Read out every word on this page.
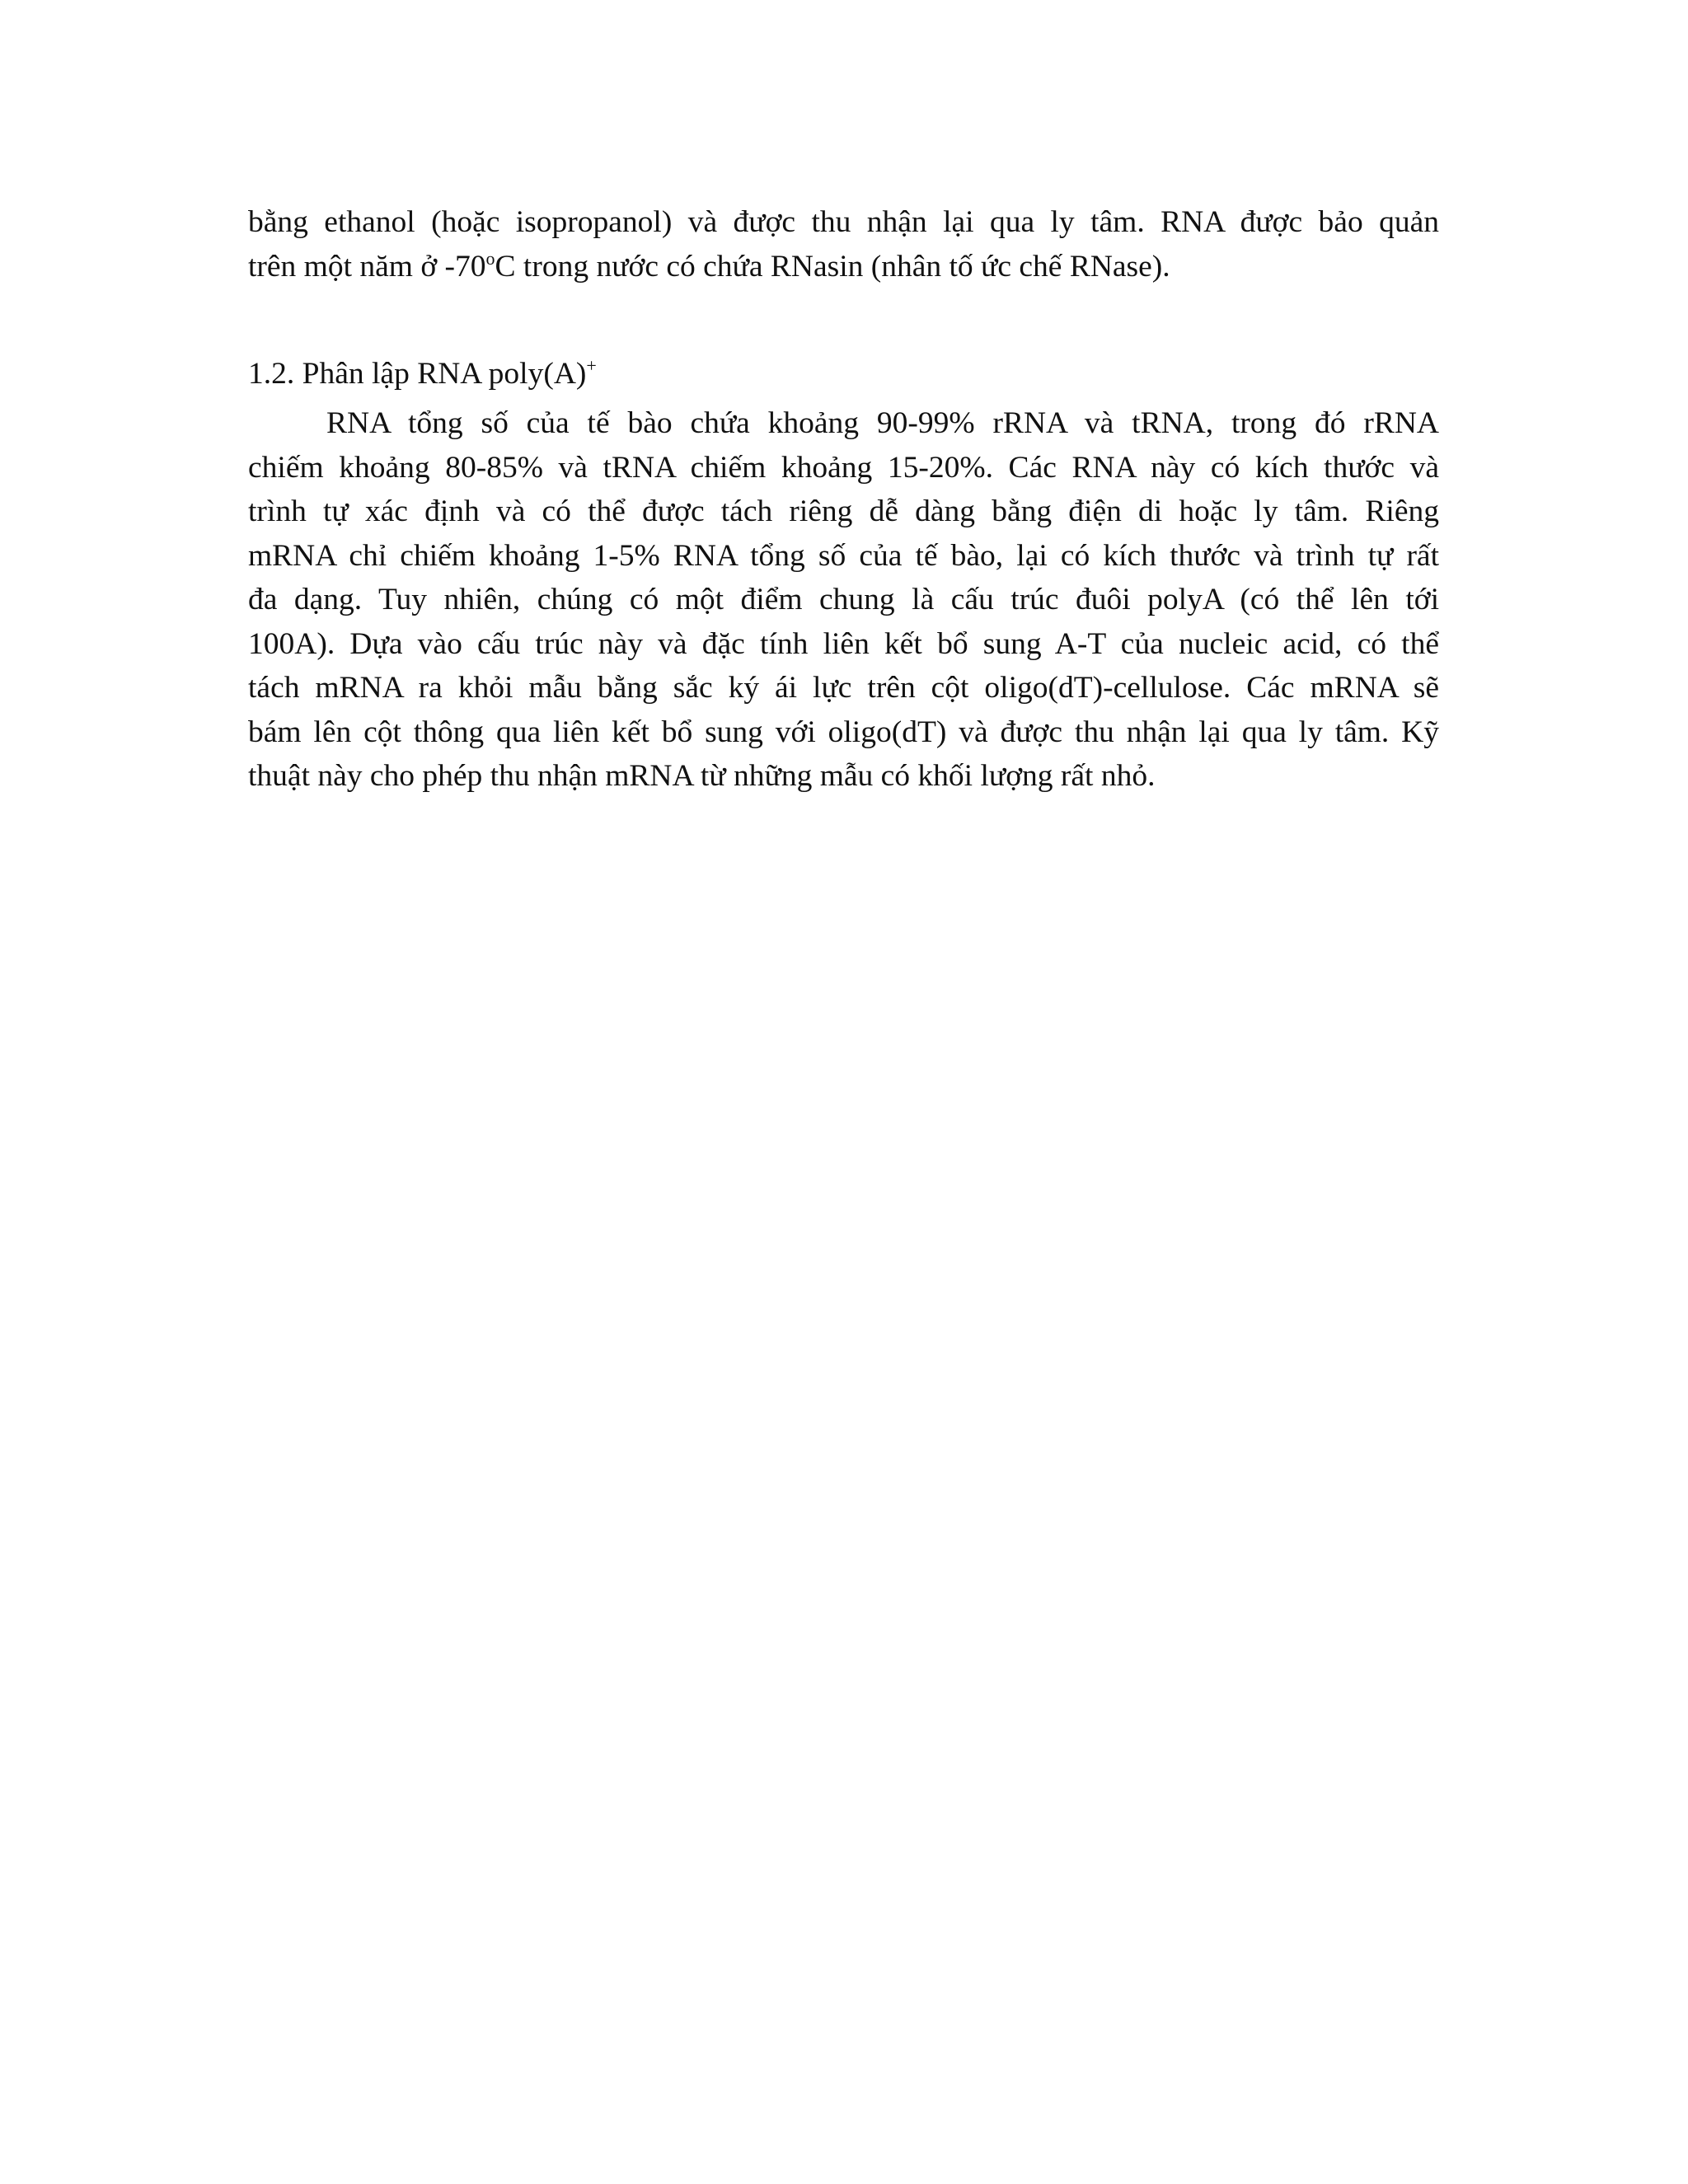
bằng ethanol (hoặc isopropanol) và được thu nhận lại qua ly tâm. RNA được bảo quản
trên một năm ở -70$^o$C trong nước có chứa RNasin (nhân tố ức chế RNase).
1.2. Phân lập RNA poly(A)+
RNA tổng số của tế bào chứa khoảng 90-99% rRNA và tRNA, trong đó rRNA
chiếm khoảng 80-85% và tRNA chiếm khoảng 15-20%. Các RNA này có kích thước và
trình tự xác định và có thể được tách riêng dễ dàng bằng điện di hoặc ly tâm. Riêng
mRNA chỉ chiếm khoảng 1-5% RNA tổng số của tế bào, lại có kích thước và trình tự rất
đa dạng. Tuy nhiên, chúng có một điểm chung là cấu trúc đuôi polyA (có thể lên tới
100A). Dựa vào cấu trúc này và đặc tính liên kết bổ sung A-T của nucleic acid, có thể
tách mRNA ra khỏi mẫu bằng sắc ký ái lực trên cột oligo(dT)-cellulose. Các mRNA sẽ
bám lên cột thông qua liên kết bổ sung với oligo(dT) và được thu nhận lại qua ly tâm. Kỹ
thuật này cho phép thu nhận mRNA từ những mẫu có khối lượng rất nhỏ.
